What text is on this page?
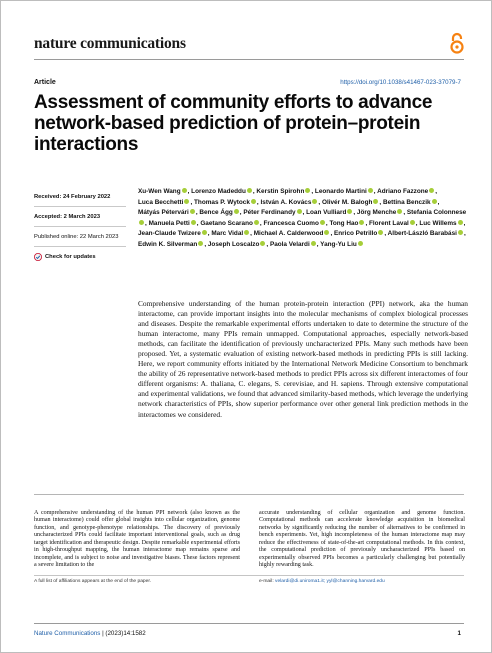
nature communications
Article	https://doi.org/10.1038/s41467-023-37079-7
Assessment of community efforts to advance network-based prediction of protein–protein interactions
Received: 24 February 2022
Accepted: 2 March 2023
Published online: 22 March 2023
Check for updates
Xu-Wen Wang , Lorenzo Madeddu , Kerstin Spirohn , Leonardo Martini , Adriano Fazzone , Luca Becchetti , Thomas P. Wytock , István A. Kovács , Olivér M. Balogh , Bettina Benczik , Mátyás Pétervári , Bence Ágg , Péter Ferdinandy , Loan Vulliard , Jörg Menche , Stefania Colonnese, Manuela Petti , Gaetano Scarano , Francesca Cuomo , Tong Hao , Florent Laval , Luc Willems , Jean-Claude Twizere , Marc Vidal , Michael A. Calderwood , Enrico Petrillo , Albert-László Barabási , Edwin K. Silverman , Joseph Loscalzo , Paola Velardi , Yang-Yu Liu
Comprehensive understanding of the human protein-protein interaction (PPI) network, aka the human interactome, can provide important insights into the molecular mechanisms of complex biological processes and diseases. Despite the remarkable experimental efforts undertaken to date to determine the structure of the human interactome, many PPIs remain unmapped. Computational approaches, especially network-based methods, can facilitate the identification of previously uncharacterized PPIs. Many such methods have been proposed. Yet, a systematic evaluation of existing network-based methods in predicting PPIs is still lacking. Here, we report community efforts initiated by the International Network Medicine Consortium to benchmark the ability of 26 representative network-based methods to predict PPIs across six different interactomes of four different organisms: A. thaliana, C. elegans, S. cerevisiae, and H. sapiens. Through extensive computational and experimental validations, we found that advanced similarity-based methods, which leverage the underlying network characteristics of PPIs, show superior performance over other general link prediction methods in the interactomes we considered.
A comprehensive understanding of the human PPI network (also known as the human interactome) could offer global insights into cellular organization, genome function, and genotype-phenotype relationships. The discovery of previously uncharacterized PPIs could facilitate important interventional goals, such as drug target identification and therapeutic design. Despite remarkable experimental efforts in high-throughput mapping, the human interactome map remains sparse and incomplete, and is subject to noise and investigative biases. These factors represent a severe limitation to the
accurate understanding of cellular organization and genome function. Computational methods can accelerate knowledge acquisition in biomedical networks by significantly reducing the number of alternatives to be confirmed in bench experiments. Yet, high incompleteness of the human interactome map may reduce the effectiveness of state-of-the-art computational methods. In this context, the computational prediction of previously uncharacterized PPIs based on experimentally observed PPIs becomes a particularly challenging but potentially highly rewarding task.
A full list of affiliations appears at the end of the paper.	e-mail: velardi@di.uniroma1.it; yyl@channing.harvard.edu
Nature Communications | (2023)14:1582	1
